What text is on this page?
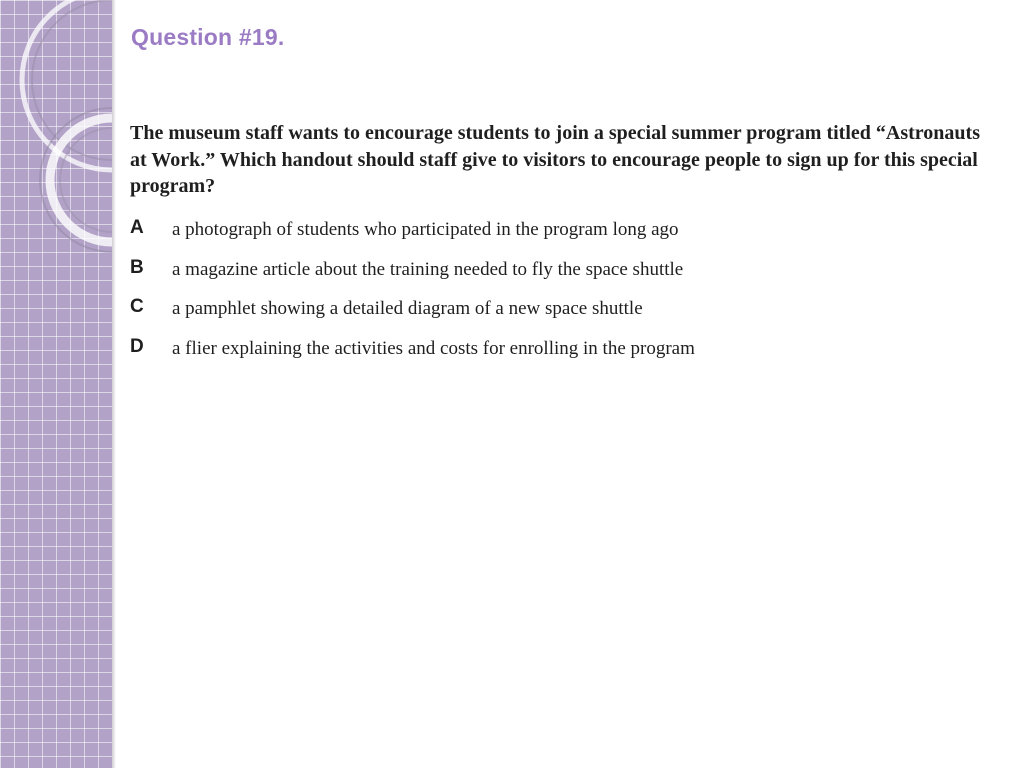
Question #19.
The museum staff wants to encourage students to join a special summer program titled “Astronauts at Work.” Which handout should staff give to visitors to encourage people to sign up for this special program?
A	a photograph of students who participated in the program long ago
B	a magazine article about the training needed to fly the space shuttle
C	a pamphlet showing a detailed diagram of a new space shuttle
D	a flier explaining the activities and costs for enrolling in the program
